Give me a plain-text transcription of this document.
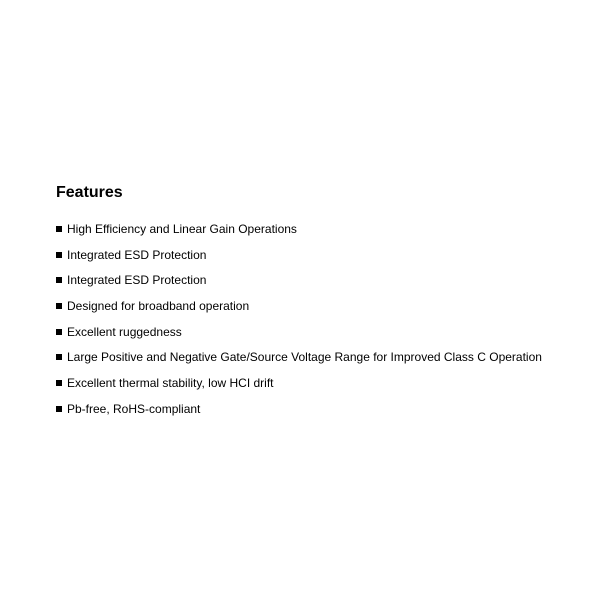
Features
High Efficiency and Linear Gain Operations
Integrated ESD Protection
Integrated ESD Protection
Designed for broadband operation
Excellent ruggedness
Large Positive and Negative Gate/Source Voltage Range for Improved Class C Operation
Excellent thermal stability, low HCI drift
Pb-free, RoHS-compliant
